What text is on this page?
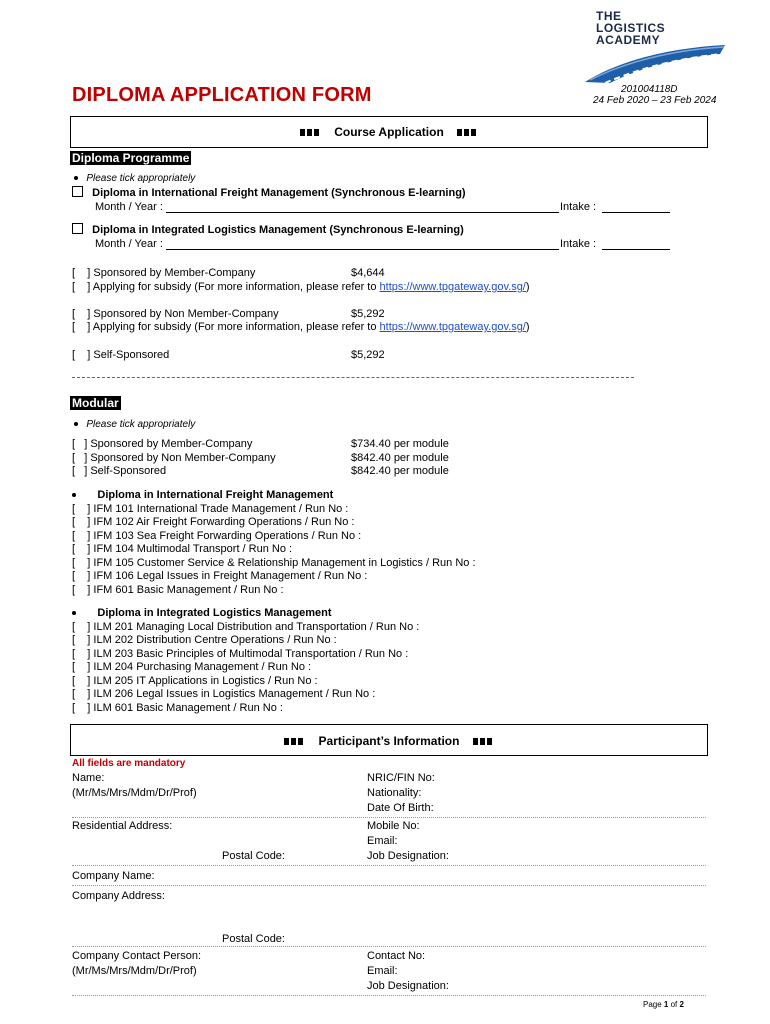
THE
LOGISTICS
ACADEMY
DIPLOMA APPLICATION FORM	201004118D
24 Feb 2020 – 23 Feb 2024
Course Application
Diploma Programme
Please tick appropriately
Diploma in International Freight Management (Synchronous E-learning)
Month / Year :	Intake :
Diploma in Integrated Logistics Management (Synchronous E-learning)
Month / Year :	Intake :
[    ] Sponsored by Member-Company	$4,644
[    ] Applying for subsidy (For more information, please refer to https://www.tpgateway.gov.sg/)
[    ] Sponsored by Non Member-Company	$5,292
[    ] Applying for subsidy (For more information, please refer to https://www.tpgateway.gov.sg/)
[    ] Self-Sponsored	$5,292
Modular
Please tick appropriately
[   ] Sponsored by Member-Company	$734.40 per module
[   ] Sponsored by Non Member-Company	$842.40 per module
[   ] Self-Sponsored	$842.40 per module
Diploma in International Freight Management
[    ] IFM 101 International Trade Management / Run No :
[    ] IFM 102 Air Freight Forwarding Operations / Run No :
[    ] IFM 103 Sea Freight Forwarding Operations / Run No :
[    ] IFM 104 Multimodal Transport / Run No :
[    ] IFM 105 Customer Service & Relationship Management in Logistics / Run No :
[    ] IFM 106 Legal Issues in Freight Management / Run No :
[    ] IFM 601 Basic Management / Run No :
Diploma in Integrated Logistics Management
[    ] ILM 201 Managing Local Distribution and Transportation / Run No :
[    ] ILM 202 Distribution Centre Operations / Run No :
[    ] ILM 203 Basic Principles of Multimodal Transportation / Run No :
[    ] ILM 204 Purchasing Management / Run No :
[    ] ILM 205 IT Applications in Logistics / Run No :
[    ] ILM 206 Legal Issues in Logistics Management / Run No :
[    ] ILM 601 Basic Management / Run No :
Participant’s Information
All fields are mandatory
Name:
(Mr/Ms/Mrs/Mdm/Dr/Prof)
NRIC/FIN No:
Nationality:
Date Of Birth:
Residential Address:	Mobile No:
Email:
Postal Code:	Job Designation:
Company Name:
Company Address:
Postal Code:
Company Contact Person:
(Mr/Ms/Mrs/Mdm/Dr/Prof)
Contact No:
Email:
Job Designation:
Page 1 of 2
